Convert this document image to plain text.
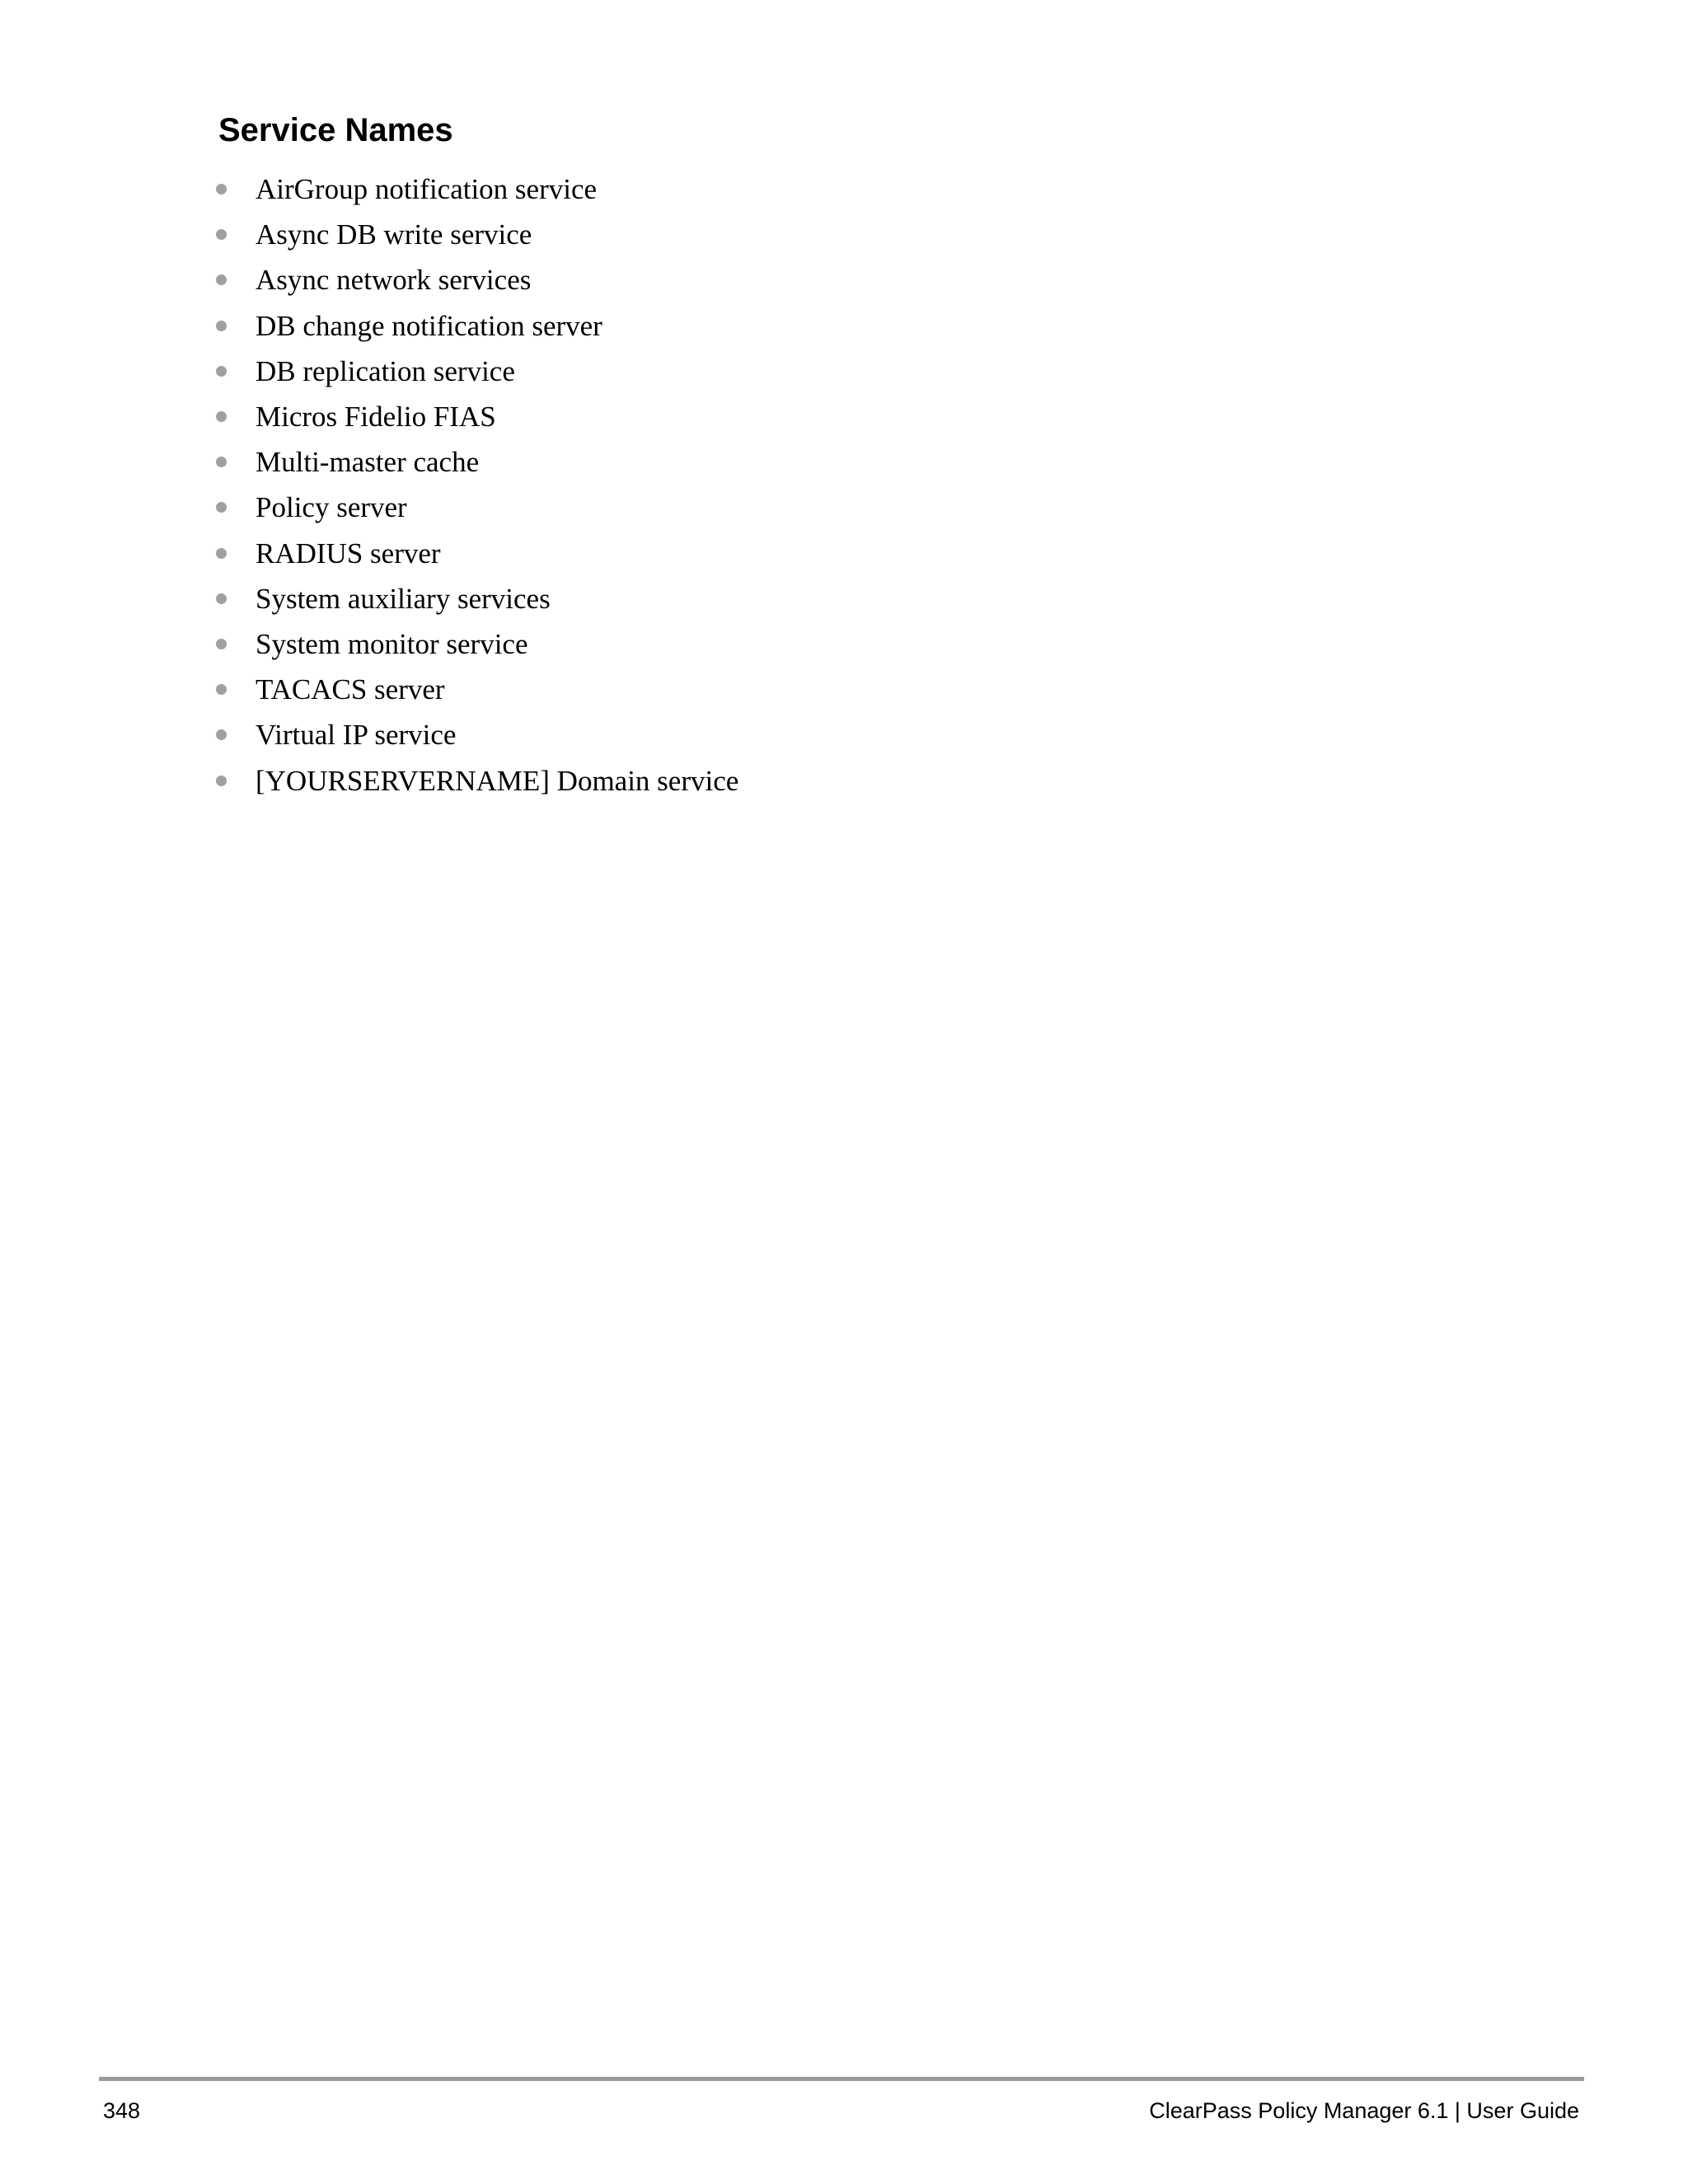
Service Names
AirGroup notification service
Async DB write service
Async network services
DB change notification server
DB replication service
Micros Fidelio FIAS
Multi-master cache
Policy server
RADIUS server
System auxiliary services
System monitor service
TACACS server
Virtual IP service
[YOURSERVERNAME] Domain service
348	ClearPass Policy Manager 6.1 | User Guide
